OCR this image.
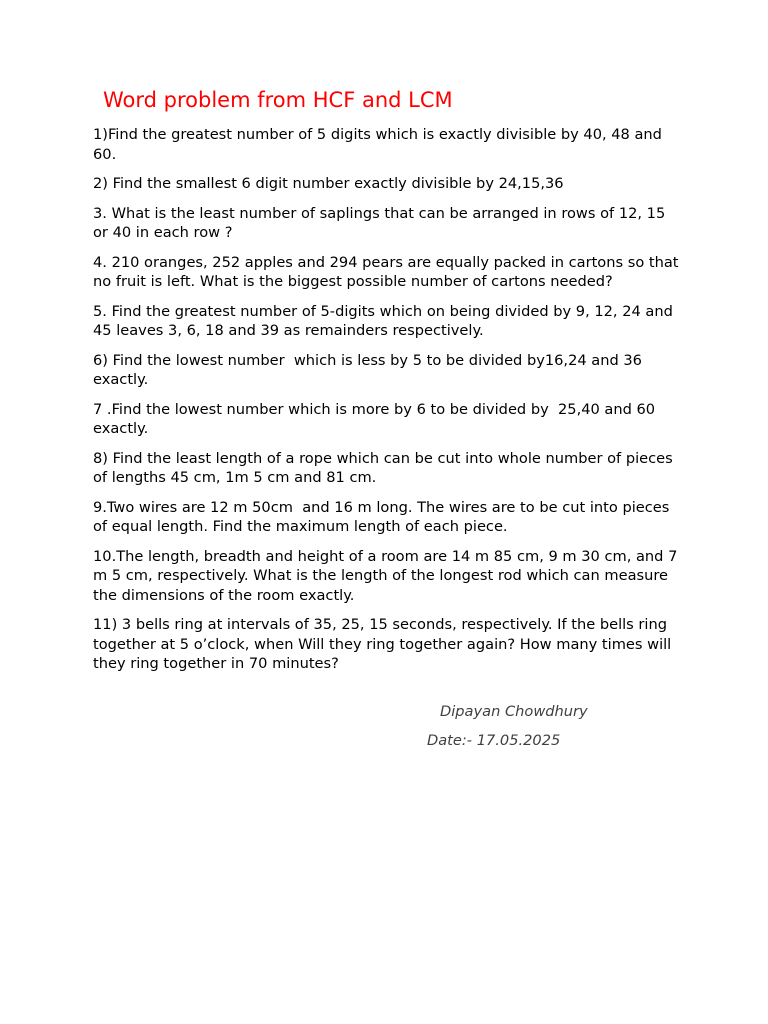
Word problem from HCF and LCM
1)Find the greatest number of 5 digits which is exactly divisible by 40, 48 and 60.
2) Find the smallest 6 digit number exactly divisible by 24,15,36
3. What is the least number of saplings that can be arranged in rows of 12, 15 or 40 in each row ?
4. 210 oranges, 252 apples and 294 pears are equally packed in cartons so that no fruit is left. What is the biggest possible number of cartons needed?
5. Find the greatest number of 5-digits which on being divided by 9, 12, 24 and 45 leaves 3, 6, 18 and 39 as remainders respectively.
6) Find the lowest number  which is less by 5 to be divided by16,24 and 36 exactly.
7 .Find the lowest number which is more by 6 to be divided by  25,40 and 60 exactly.
8) Find the least length of a rope which can be cut into whole number of pieces of lengths 45 cm, 1m 5 cm and 81 cm.
9.Two wires are 12 m 50cm  and 16 m long. The wires are to be cut into pieces of equal length. Find the maximum length of each piece.
10.The length, breadth and height of a room are 14 m 85 cm, 9 m 30 cm, and 7 m 5 cm, respectively. What is the length of the longest rod which can measure the dimensions of the room exactly.
11) 3 bells ring at intervals of 35, 25, 15 seconds, respectively. If the bells ring together at 5 o’clock, when Will they ring together again? How many times will they ring together in 70 minutes?
Dipayan Chowdhury
Date:- 17.05.2025
